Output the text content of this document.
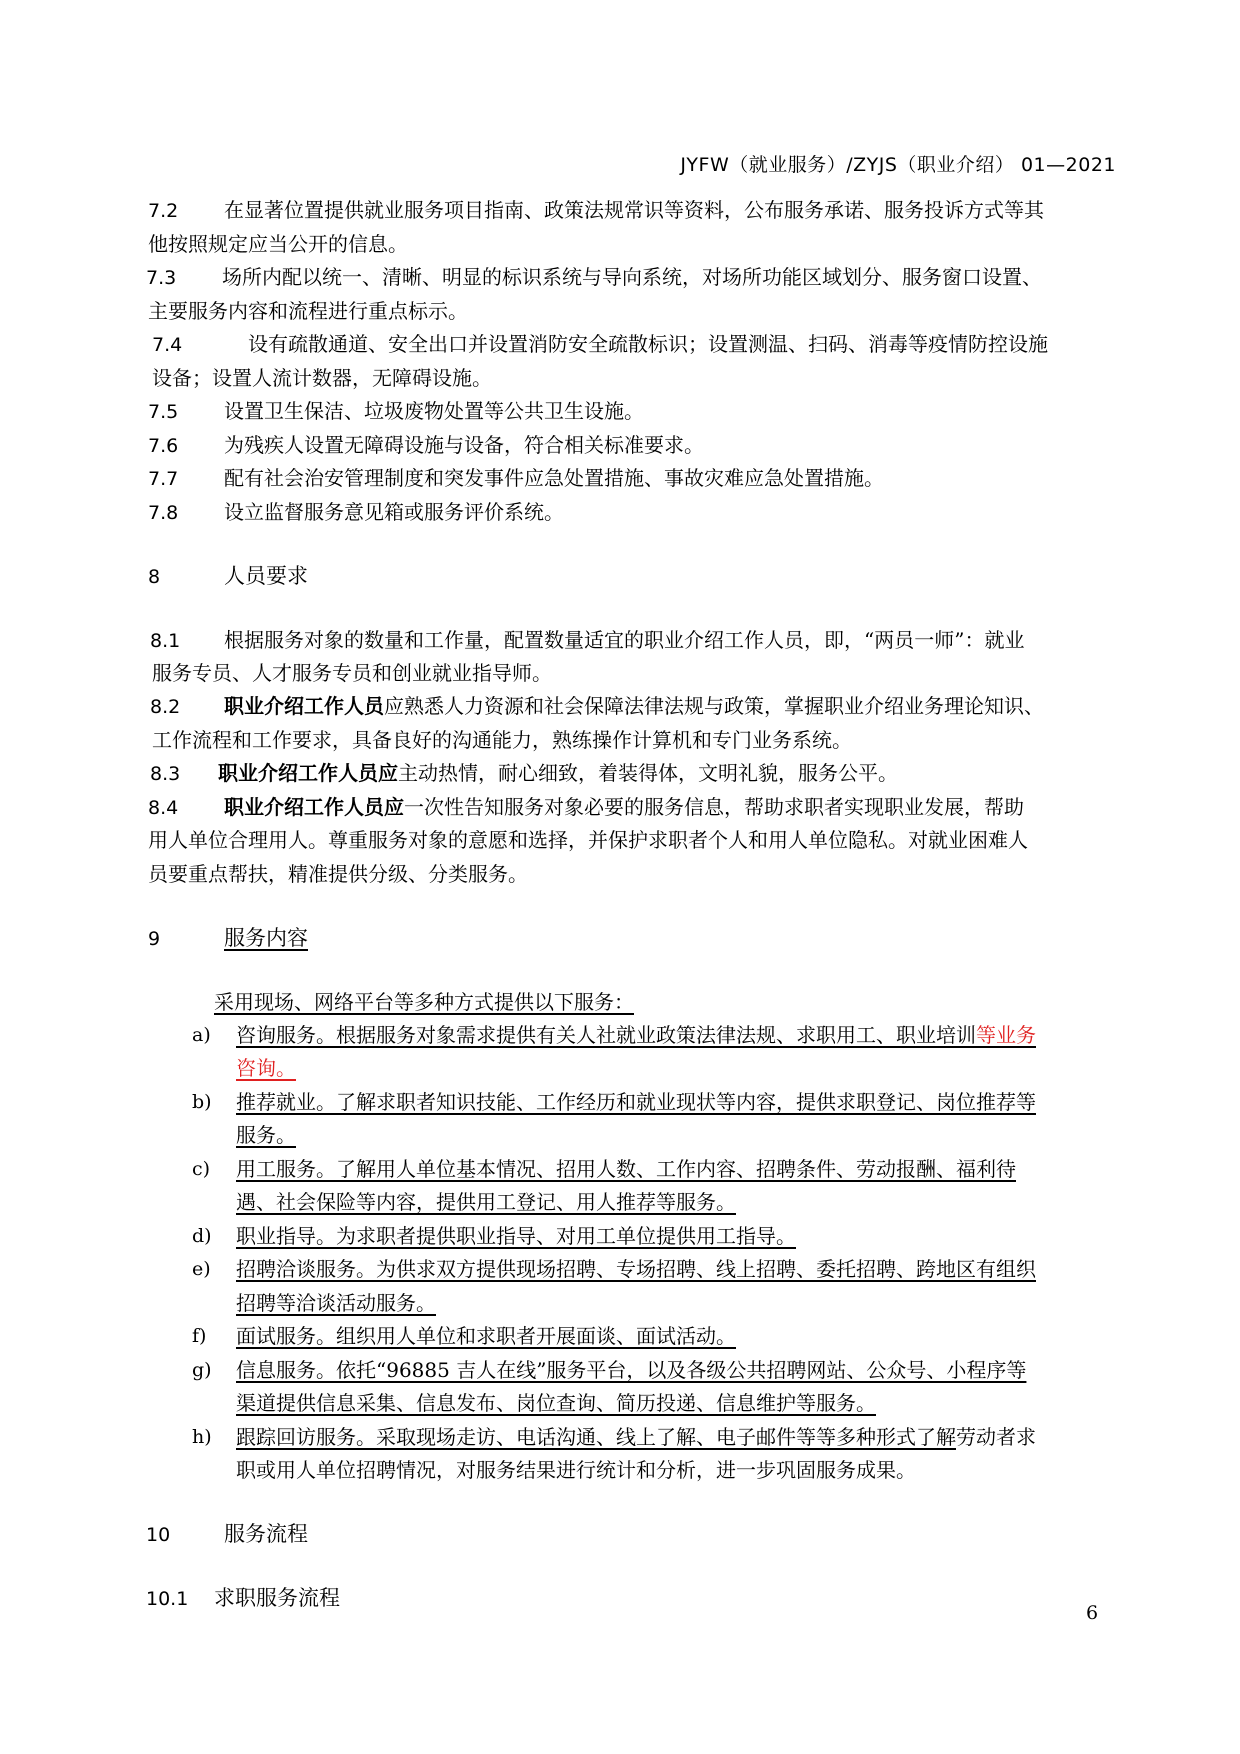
JYFW（就业服务）/ZYJS（职业介绍） 01—2021
7.2 在显著位置提供就业服务项目指南、政策法规常识等资料，公布服务承诺、服务投诉方式等其
他按照规定应当公开的信息。
7.3 场所内配以统一、清晰、明显的标识系统与导向系统，对场所功能区域划分、服务窗口设置、
主要服务内容和流程进行重点标示。
7.4	设有疏散通道、安全出口并设置消防安全疏散标识；设置测温、扫码、消毒等疫情防控设施
设备；设置人流计数器，无障碍设施。
7.5 设置卫生保洁、垃圾废物处置等公共卫生设施。
7.6 为残疾人设置无障碍设施与设备，符合相关标准要求。
7.7 配有社会治安管理制度和突发事件应急处置措施、事故灾难应急处置措施。
7.8 设立监督服务意见箱或服务评价系统。
8	人员要求
8.1 根据服务对象的数量和工作量，配置数量适宜的职业介绍工作人员，即，“两员一师”：就业
服务专员、人才服务专员和创业就业指导师。
8.2 职业介绍工作人员应熟悉人力资源和社会保障法律法规与政策，掌握职业介绍业务理论知识、
工作流程和工作要求，具备良好的沟通能力，熟练操作计算机和专门业务系统。
8.3 职业介绍工作人员应主动热情，耐心细致，着装得体，文明礼貌，服务公平。
8.4 职业介绍工作人员应一次性告知服务对象必要的服务信息，帮助求职者实现职业发展，帮助
用人单位合理用人。尊重服务对象的意愿和选择，并保护求职者个人和用人单位隐私。对就业困难人
员要重点帮扶，精准提供分级、分类服务。
9	服务内容
采用现场、网络平台等多种方式提供以下服务：
a) 咨询服务。根据服务对象需求提供有关人社就业政策法律法规、求职用工、职业培训等业务
咨询。
b) 推荐就业。了解求职者知识技能、工作经历和就业现状等内容，提供求职登记、岗位推荐等
服务。
c) 用工服务。了解用人单位基本情况、招用人数、工作内容、招聘条件、劳动报酬、福利待
遇、社会保险等内容，提供用工登记、用人推荐等服务。
d) 职业指导。为求职者提供职业指导、对用工单位提供用工指导。
e) 招聘洽谈服务。为供求双方提供现场招聘、专场招聘、线上招聘、委托招聘、跨地区有组织
招聘等洽谈活动服务。
f) 面试服务。组织用人单位和求职者开展面谈、面试活动。
g) 信息服务。依托“96885 吉人在线”服务平台，以及各级公共招聘网站、公众号、小程序等
渠道提供信息采集、信息发布、岗位查询、简历投递、信息维护等服务。
h) 跟踪回访服务。采取现场走访、电话沟通、线上了解、电子邮件等等多种形式了解劳动者求
职或用人单位招聘情况，对服务结果进行统计和分析，进一步巩固服务成果。
10	服务流程
10.1 求职服务流程
6
